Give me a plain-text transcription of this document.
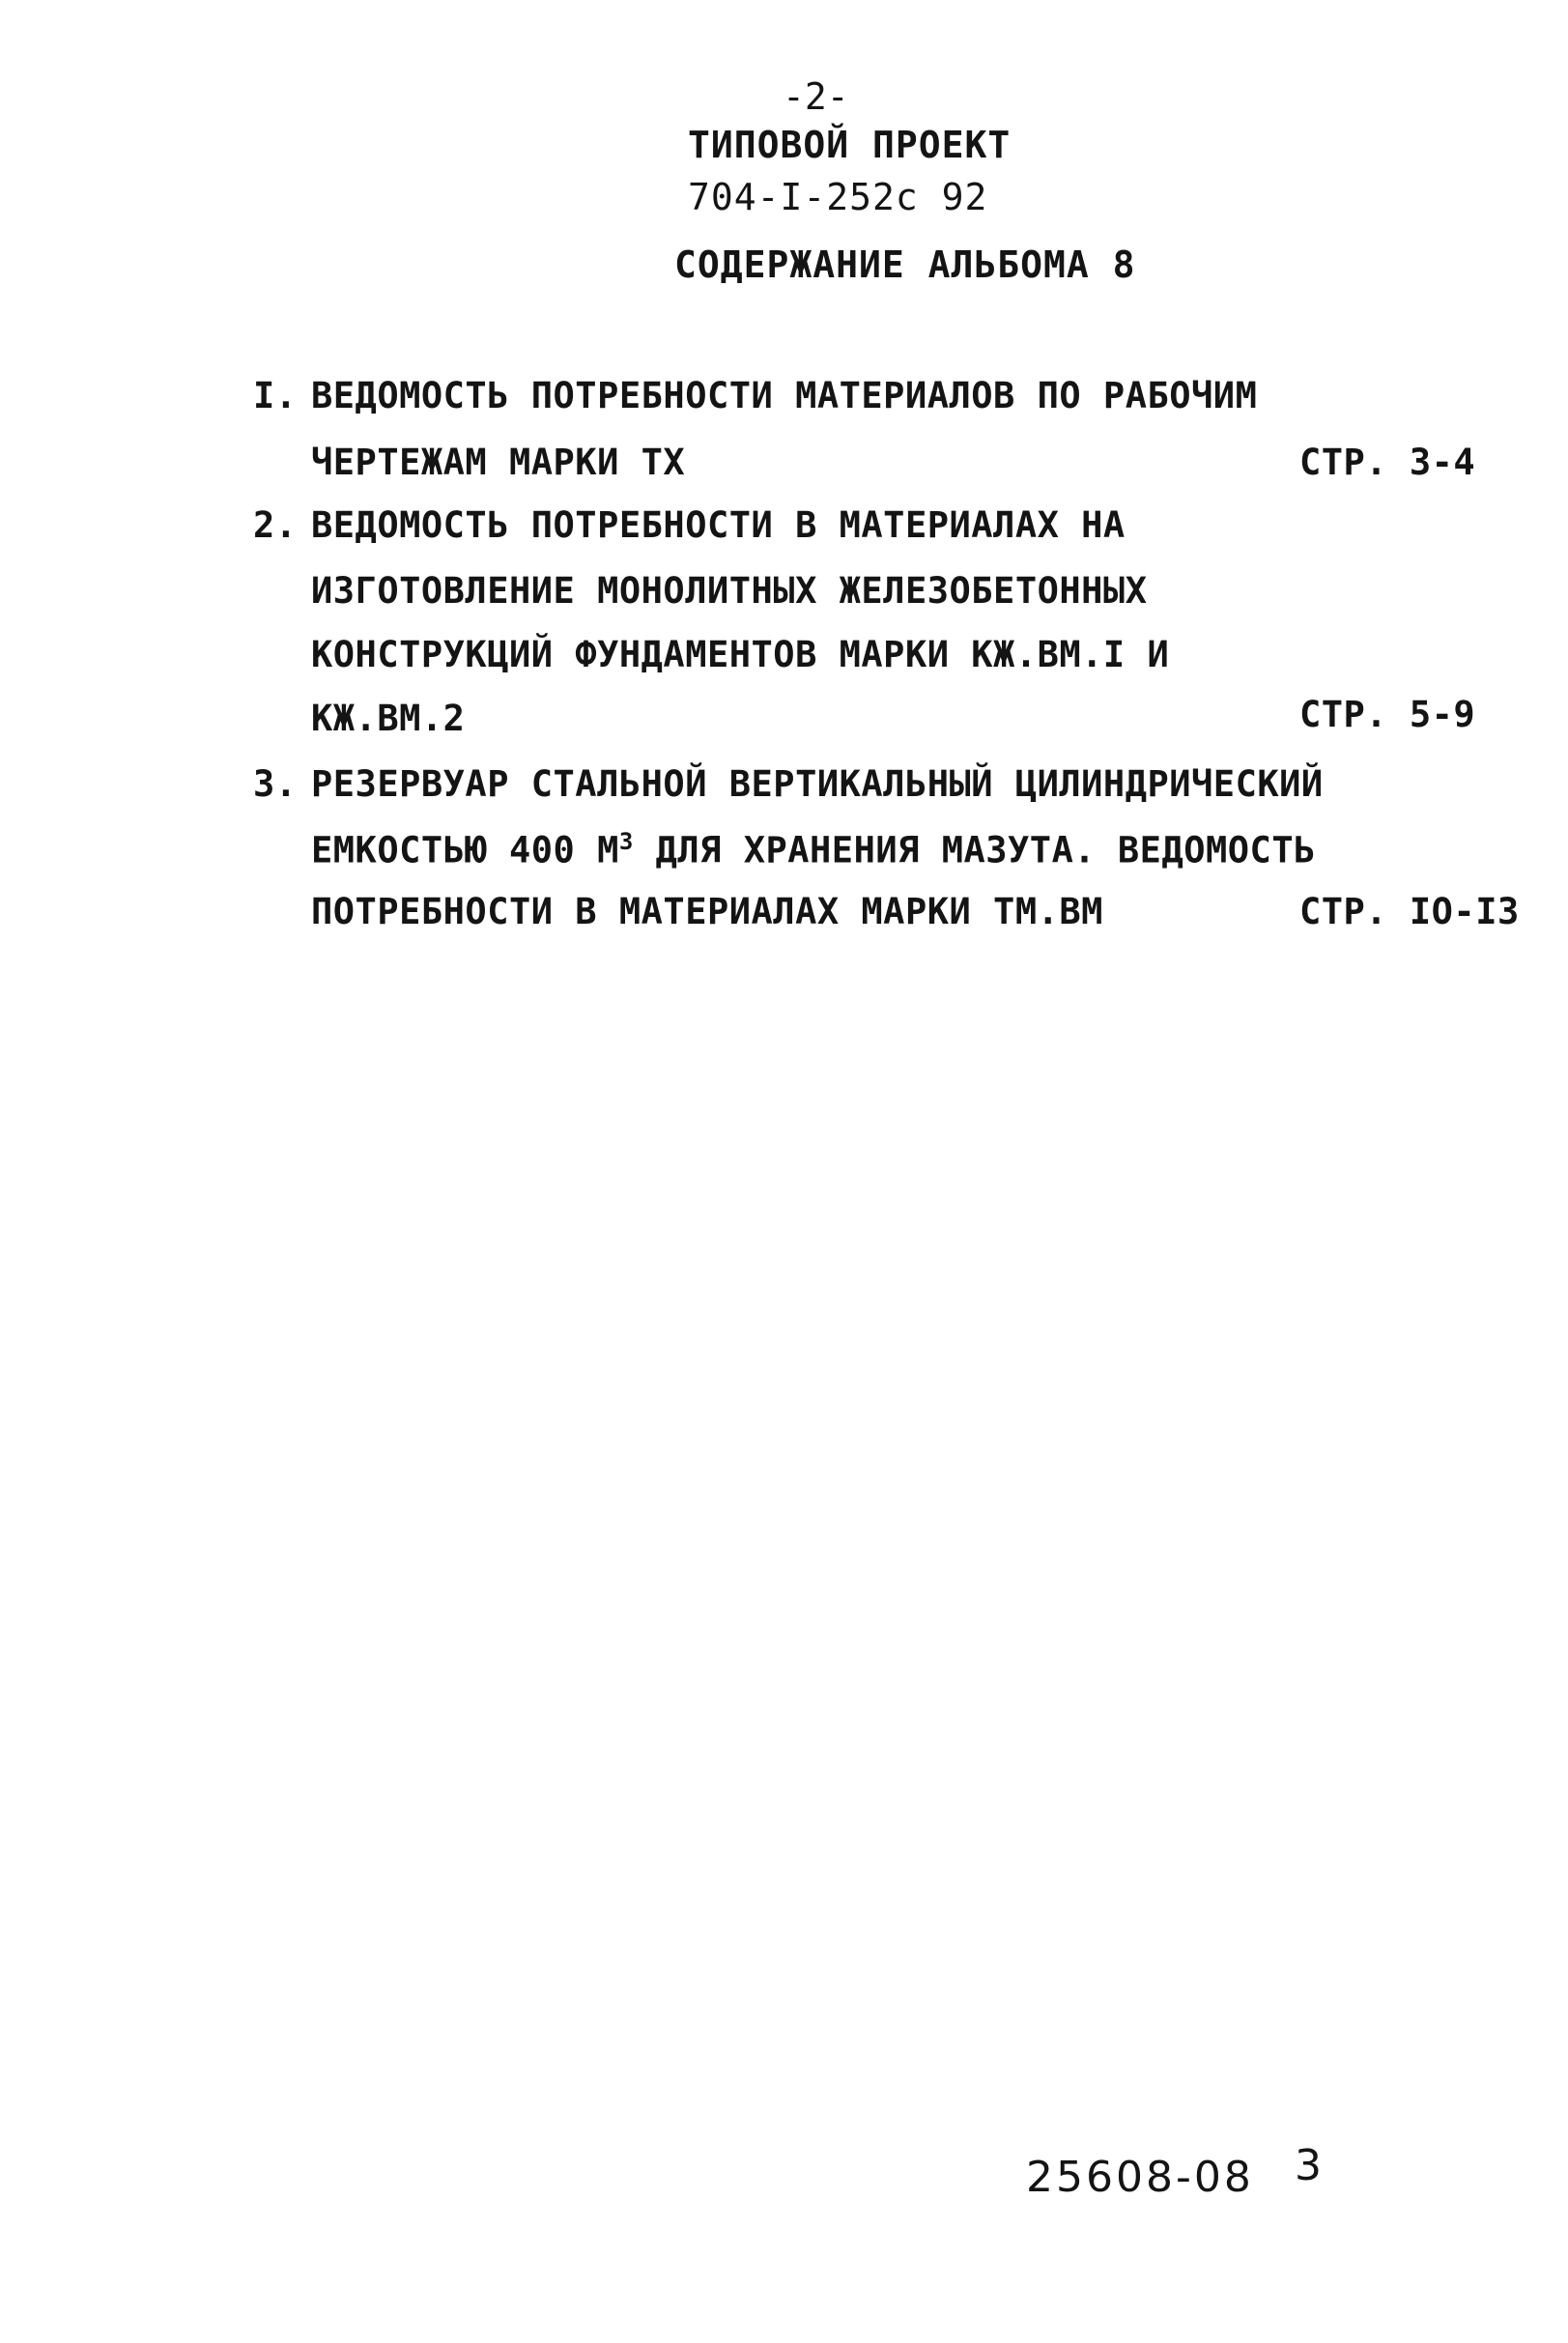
-2-
ТИПОВОЙ ПРОЕКТ
704-I-252с 92
СОДЕРЖАНИЕ АЛЬБОМА 8
I. ВЕДОМОСТЬ ПОТРЕБНОСТИ МАТЕРИАЛОВ ПО РАБОЧИМ
ЧЕРТЕЖАМ МАРКИ ТХ	СТР. 3-4
2. ВЕДОМОСТЬ ПОТРЕБНОСТИ В МАТЕРИАЛАХ НА
ИЗГОТОВЛЕНИЕ МОНОЛИТНЫХ ЖЕЛЕЗОБЕТОННЫХ
КОНСТРУКЦИЙ ФУНДАМЕНТОВ МАРКИ КЖ.ВМ.I И
КЖ.ВМ.2	СТР. 5-9
3. РЕЗЕРВУАР СТАЛЬНОЙ ВЕРТИКАЛЬНЫЙ ЦИЛИНДРИЧЕСКИЙ
ЕМКОСТЬЮ 400 $М^3$ ДЛЯ ХРАНЕНИЯ МАЗУТА. ВЕДОМОСТЬ
ПОТРЕБНОСТИ В МАТЕРИАЛАХ МАРКИ ТМ.ВМ	СТР. IO-I3
25608-08 3
